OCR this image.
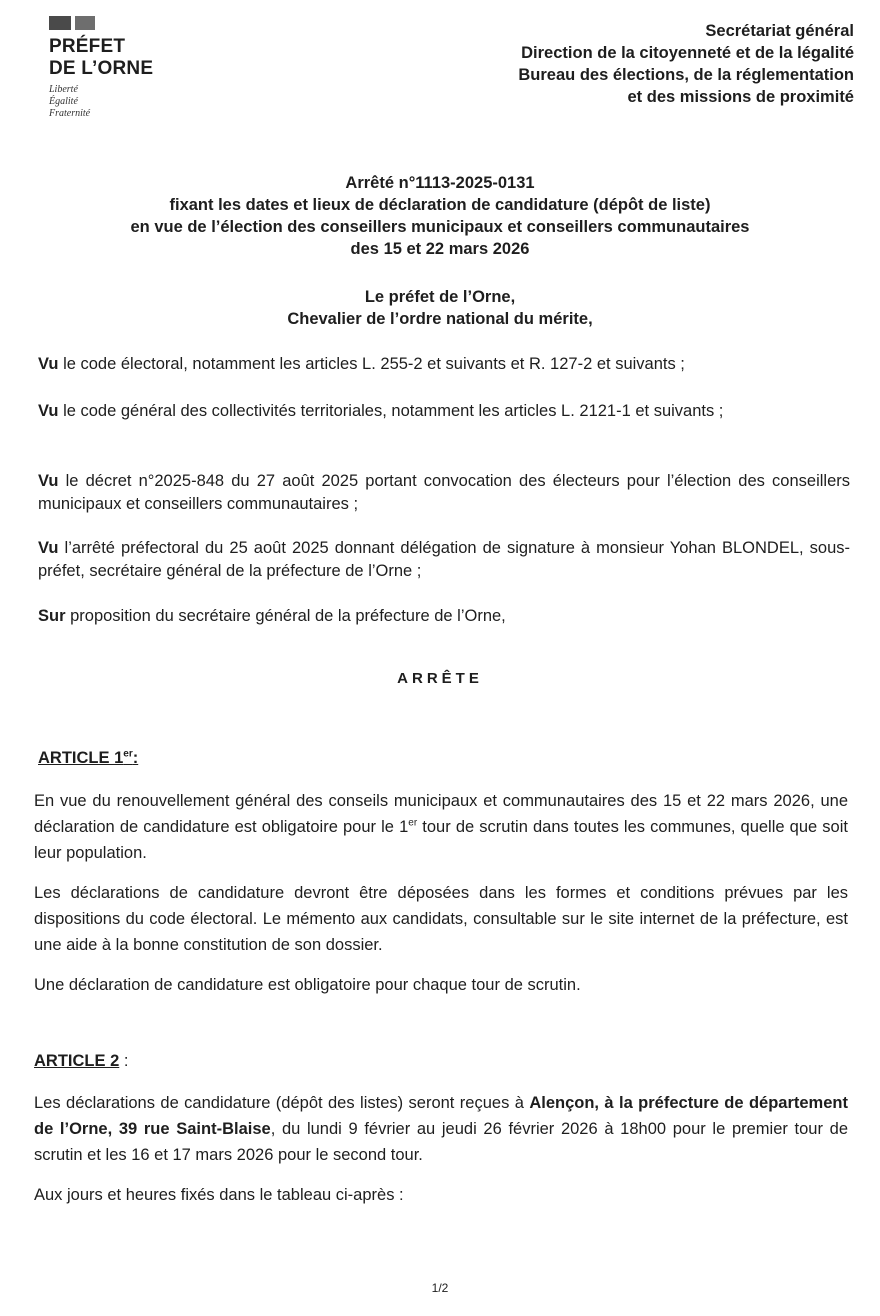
PRÉFET
DE L’ORNE
Liberté
Égalité
Fraternité
Secrétariat général
Direction de la citoyenneté et de la légalité
Bureau des élections, de la réglementation
et des missions de proximité
Arrêté n°1113-2025-0131
fixant les dates et lieux de déclaration de candidature (dépôt de liste)
en vue de l’élection des conseillers municipaux et conseillers communautaires
des 15 et 22 mars 2026
Le préfet de l’Orne,
Chevalier de l’ordre national du mérite,
Vu le code électoral, notamment les articles L. 255-2 et suivants et R. 127-2 et suivants ;
Vu le code général des collectivités territoriales, notamment les articles L. 2121-1 et suivants ;
Vu le décret n°2025-848 du 27 août 2025 portant convocation des électeurs pour l’élection des conseillers municipaux et conseillers communautaires ;
Vu l’arrêté préfectoral du 25 août 2025 donnant délégation de signature à monsieur Yohan BLONDEL, sous-préfet, secrétaire général de la préfecture de l’Orne ;
Sur proposition du secrétaire général de la préfecture de l’Orne,
ARRÊTE
ARTICLE 1er:
En vue du renouvellement général des conseils municipaux et communautaires des 15 et 22 mars 2026, une déclaration de candidature est obligatoire pour le 1er tour de scrutin dans toutes les communes, quelle que soit leur population.
Les déclarations de candidature devront être déposées dans les formes et conditions prévues par les dispositions du code électoral. Le mémento aux candidats, consultable sur le site internet de la préfecture, est une aide à la bonne constitution de son dossier.
Une déclaration de candidature est obligatoire pour chaque tour de scrutin.
ARTICLE 2 :
Les déclarations de candidature (dépôt des listes) seront reçues à Alençon, à la préfecture de département de l’Orne, 39 rue Saint-Blaise, du lundi 9 février au jeudi 26 février 2026 à 18h00 pour le premier tour de scrutin et les 16 et 17 mars 2026 pour le second tour.
Aux jours et heures fixés dans le tableau ci-après :
1/2
